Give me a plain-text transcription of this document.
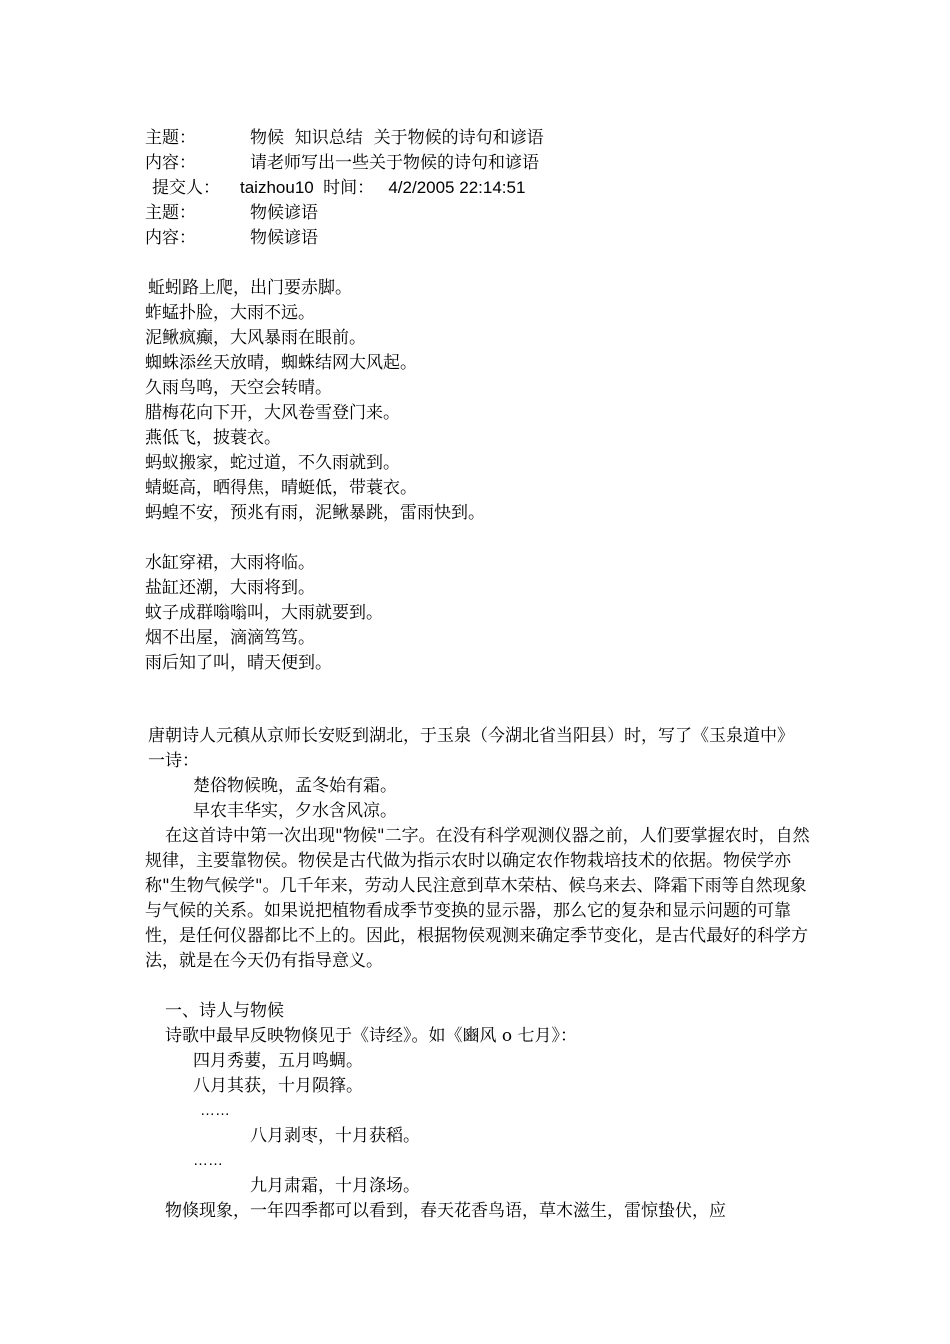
主题：	物候  知识总结  关于物候的诗句和谚语
内容：	请老师写出一些关于物候的诗句和谚语
提交人： taizhou10  时间：   4/2/2005 22:14:51
主题：	物候谚语
内容：	物候谚语
蚯蚓路上爬，出门要赤脚。
蚱蜢扑脸，大雨不远。
泥鳅疯癫，大风暴雨在眼前。
蜘蛛添丝天放晴，蜘蛛结网大风起。
久雨鸟鸣，天空会转晴。
腊梅花向下开，大风卷雪登门来。
燕低飞，披蓑衣。
蚂蚁搬家，蛇过道，不久雨就到。
蜻蜓高，晒得焦，晴蜓低，带蓑衣。
蚂蝗不安，预兆有雨，泥鳅暴跳，雷雨快到。
水缸穿裙，大雨将临。
盐缸还潮，大雨将到。
蚊子成群嗡嗡叫，大雨就要到。
烟不出屋，滴滴笃笃。
雨后知了叫，晴天便到。
唐朝诗人元稹从京师长安贬到湖北，于玉泉（今湖北省当阳县）时，写了《玉泉道中》一诗：
楚俗物候晚，孟冬始有霜。
早农丰华实，夕水含风凉。
在这首诗中第一次出现"物候"二字。在没有科学观测仪器之前，人们要掌握农时，自然规律，主要靠物侯。物侯是古代做为指示农时以确定农作物栽培技术的依据。物侯学亦称"生物气候学"。几千年来，劳动人民注意到草木荣枯、候乌来去、降霜下雨等自然现象与气候的关系。如果说把植物看成季节变换的显示器，那么它的复杂和显示问题的可靠性，是任何仪器都比不上的。因此，根据物侯观测来确定季节变化，是古代最好的科学方法，就是在今天仍有指导意义。
一、诗人与物候
诗歌中最早反映物倏见于《诗经》。如《豳风 o 七月》：
四月秀葽，五月鸣蜩。
八月其获，十月陨箨。
……
八月剥枣，十月获稻。
……
九月肃霜，十月涤场。
物倏现象，一年四季都可以看到，春天花香鸟语，草木滋生，雷惊蛰伏，应
